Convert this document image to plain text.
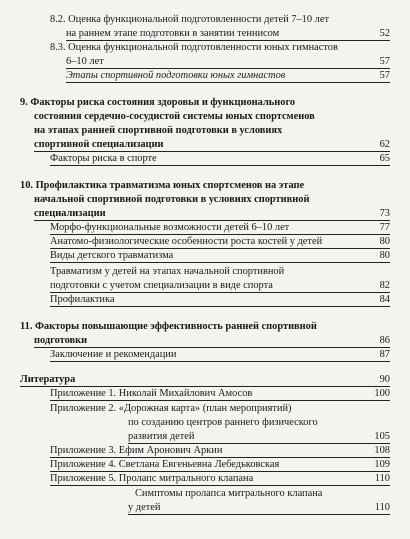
8.2. Оценка функциональной подготовленности детей 7–10 лет
на раннем этапе подготовки в занятии теннисом	52
8.3. Оценка функциональной подготовленности юных гимнастов
6–10 лет	57
Этапы спортивной подготовки юных гимнастов	57
9. Факторы риска состояния здоровья и функционального
состояния сердечно-сосудистой системы юных спортсменов
на этапах ранней спортивной подготовки в условиях
спортивной специализации	62
Факторы риска в спорте	65
10. Профилактика травматизма юных спортсменов на этапе
начальной спортивной подготовки в условиях спортивной
специализации	73
Морфо-функциональные возможности детей 6–10 лет	77
Анатомо-физиологические особенности роста костей у детей	80
Виды детского травматизма	80
Травматизм у детей на этапах начальной спортивной
подготовки с учетом специализации в виде спорта	82
Профилактика	84
11. Факторы повышающие эффективность ранней спортивной
подготовки	86
Заключение и рекомендации	87
Литература	90
Приложение 1. Николай Михайлович Амосов	100
Приложение 2. «Дорожная карта» (план мероприятий)
по созданию центров раннего физического
развития детей	105
Приложение 3. Ефим Аронович Аркин	108
Приложение 4. Светлана Евгеньевна Лебедьковская	109
Приложение 5. Пролапс митрального клапана	110
Симптомы пролапса митрального клапана
у детей	110
